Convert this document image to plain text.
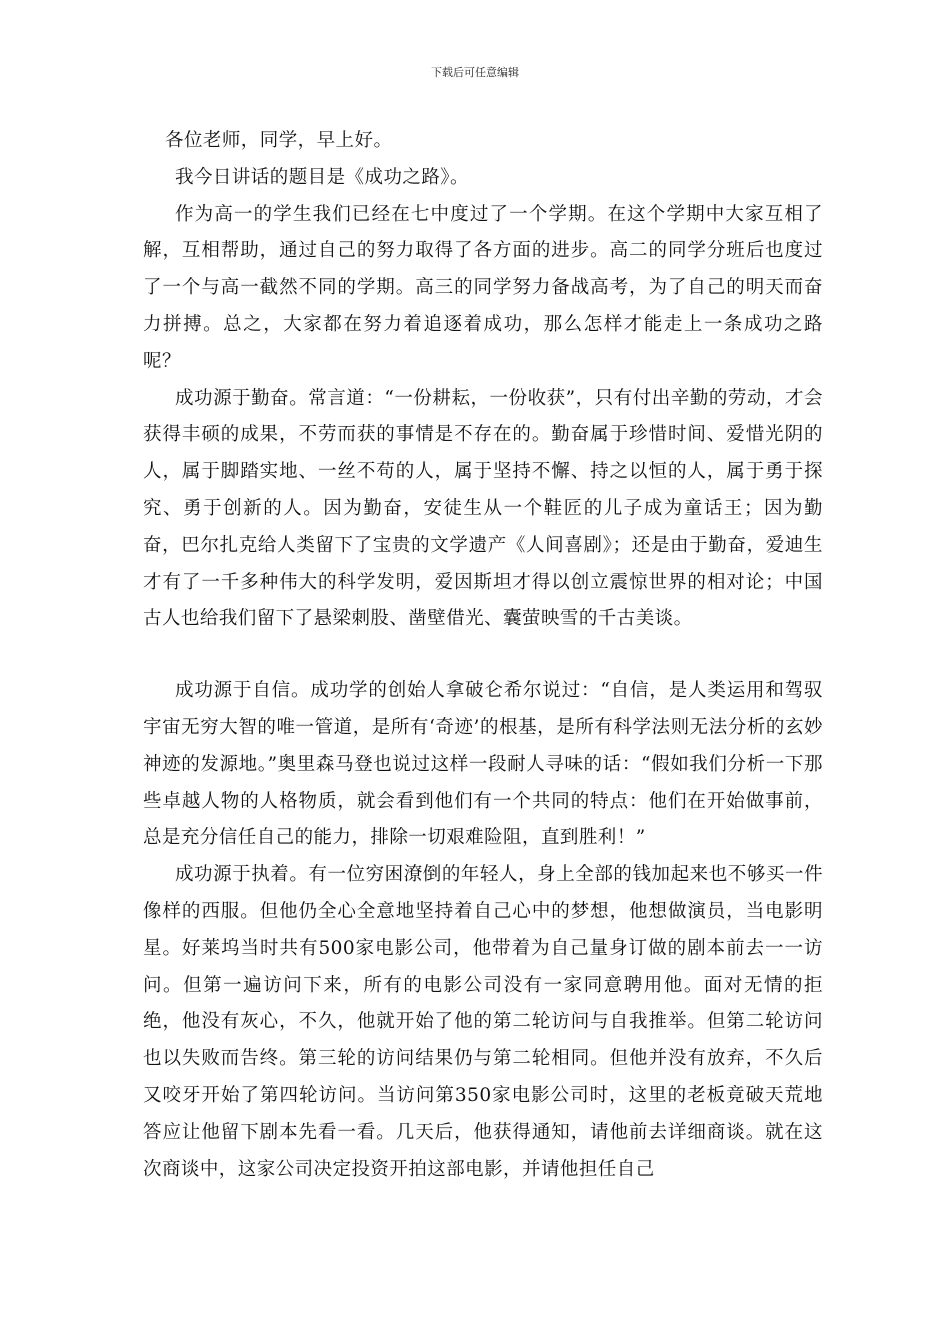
下载后可任意编辑

各位老师，同学，早上好。

我今日讲话的题目是《成功之路》。

作为高一的学生我们已经在七中度过了一个学期。在这个学期中大家互相了解，互相帮助，通过自己的努力取得了各方面的进步。高二的同学分班后也度过了一个与高一截然不同的学期。高三的同学努力备战高考，为了自己的明天而奋力拼搏。总之，大家都在努力着追逐着成功，那么怎样才能走上一条成功之路呢？

成功源于勤奋。常言道：“一份耕耘，一份收获”，只有付出辛勤的劳动，才会获得丰硕的成果，不劳而获的事情是不存在的。勤奋属于珍惜时间、爱惜光阴的人，属于脚踏实地、一丝不苟的人，属于坚持不懈、持之以恒的人，属于勇于探究、勇于创新的人。因为勤奋，安徒生从一个鞋匠的儿子成为童话王；因为勤奋，巴尔扎克给人类留下了宝贵的文学遗产《人间喜剧》；还是由于勤奋，爱迪生才有了一千多种伟大的科学发明，爱因斯坦才得以创立震惊世界的相对论；中国古人也给我们留下了悬梁刺股、凿壁借光、囊萤映雪的千古美谈。

成功源于自信。成功学的创始人拿破仑希尔说过：“自信，是人类运用和驾驭宇宙无穷大智的唯一管道，是所有‘奇迹’的根基，是所有科学法则无法分析的玄妙神迹的发源地。”奥里森马登也说过这样一段耐人寻味的话：“假如我们分析一下那些卓越人物的人格物质，就会看到他们有一个共同的特点：他们在开始做事前，总是充分信任自己的能力，排除一切艰难险阻，直到胜利！”

成功源于执着。有一位穷困潦倒的年轻人，身上全部的钱加起来也不够买一件像样的西服。但他仍全心全意地坚持着自己心中的梦想，他想做演员，当电影明星。好莱坞当时共有500家电影公司，他带着为自己量身订做的剧本前去一一访问。但第一遍访问下来，所有的电影公司没有一家同意聘用他。面对无情的拒绝，他没有灰心，不久，他就开始了他的第二轮访问与自我推举。但第二轮访问也以失败而告终。第三轮的访问结果仍与第二轮相同。但他并没有放弃，不久后又咬牙开始了第四轮访问。当访问第350家电影公司时，这里的老板竟破天荒地答应让他留下剧本先看一看。几天后，他获得通知，请他前去详细商谈。就在这次商谈中，这家公司决定投资开拍这部电影，并请他担任自己
